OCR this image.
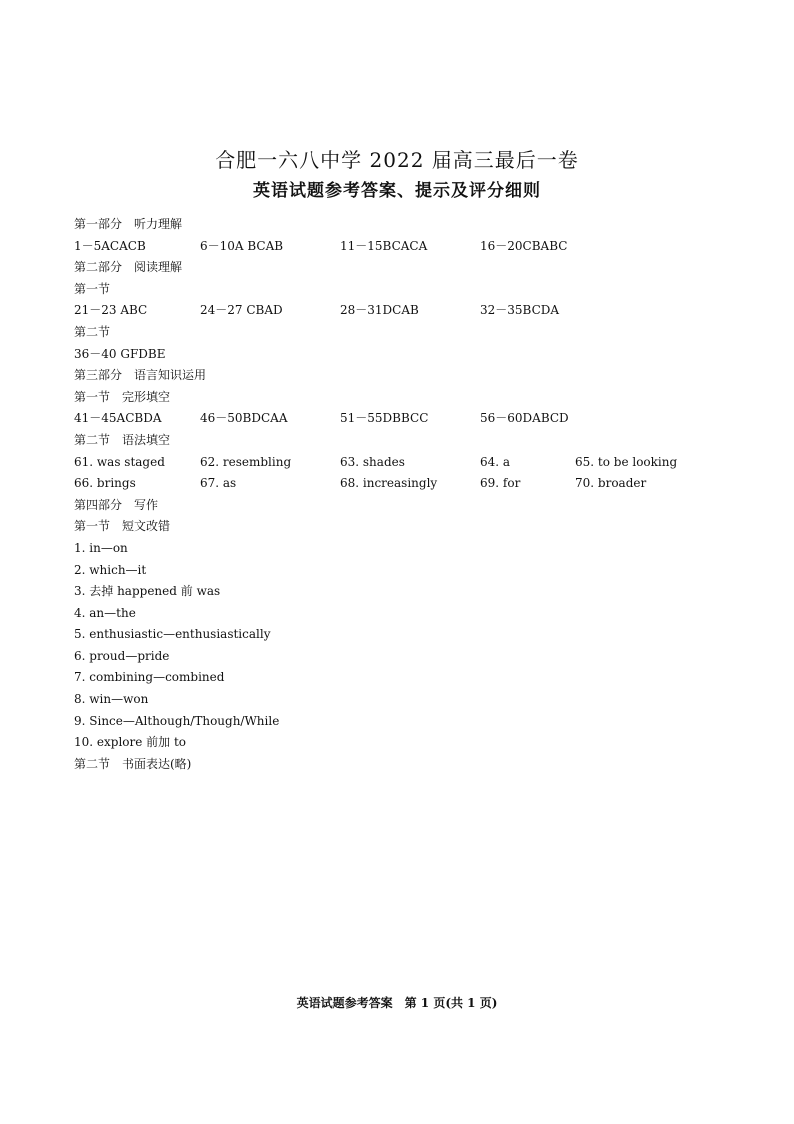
合肥一六八中学 2022 届高三最后一卷
英语试题参考答案、提示及评分细则
第一部分　听力理解
1－5ACACB	6－10A BCAB	11－15BCACA	16－20CBABC
第二部分　阅读理解
第一节
21－23 ABC	24－27 CBAD	28－31DCAB	32－35BCDA
第二节
36－40 GFDBE
第三部分　语言知识运用
第一节　完形填空
41－45ACBDA	46－50BDCAA	51－55DBBCC	56－60DABCD
第二节　语法填空
61. was staged	62. resembling	63. shades	64. a	65. to be looking
66. brings	67. as	68. increasingly	69. for	70. broader
第四部分　写作
第一节　短文改错
1. in—on
2. which—it
3. 去掉 happened 前 was
4. an—the
5. enthusiastic—enthusiastically
6. proud—pride
7. combining—combined
8. win—won
9. Since—Although/Though/While
10. explore 前加 to
第二节　书面表达(略)
英语试题参考答案　第 1 页(共 1 页)
